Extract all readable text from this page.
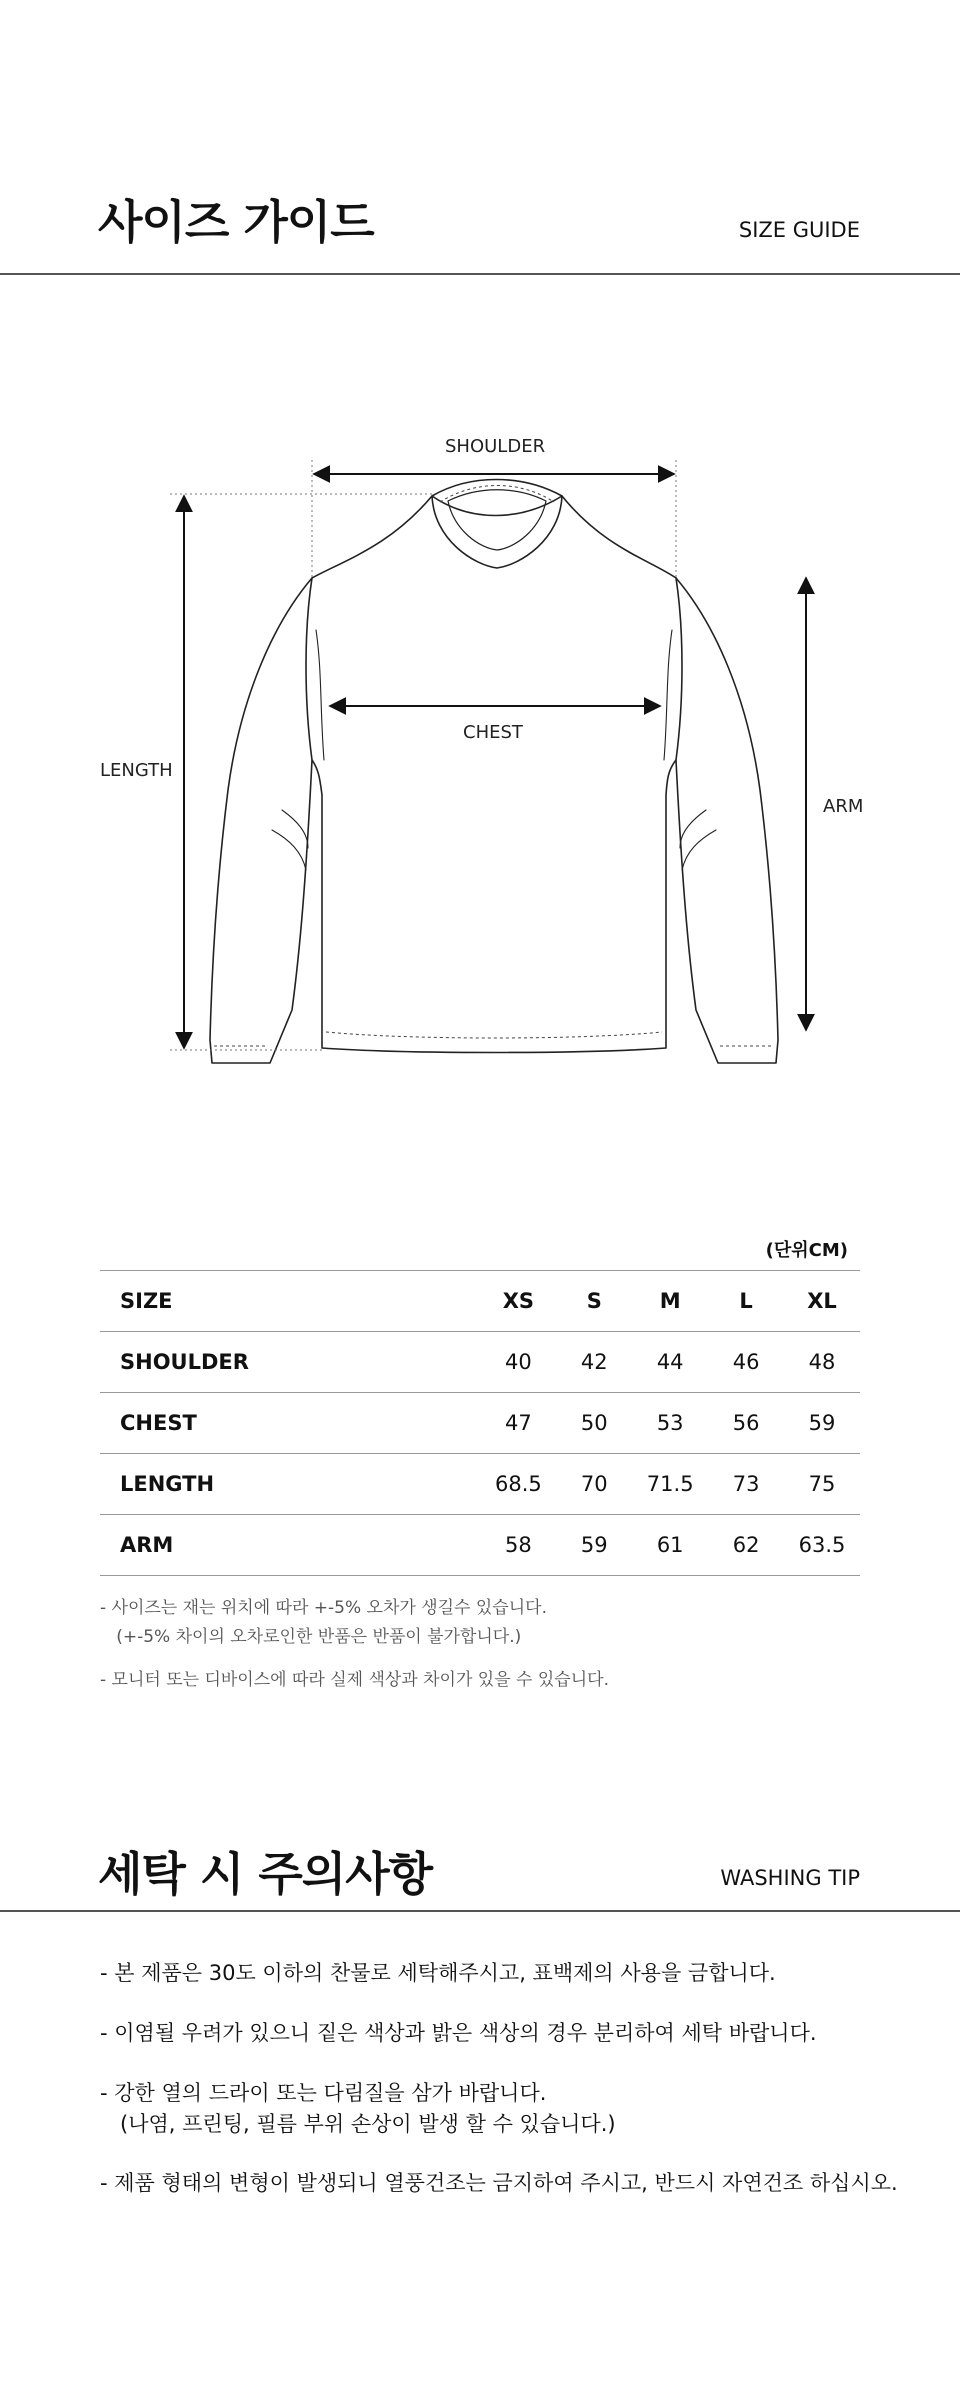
사이즈 가이드	SIZE GUIDE
SHOULDER
CHEST
LENGTH
ARM
(단위CM)
SIZE	XS	S	M	L	XL
SHOULDER	40	42	44	46	48
CHEST	47	50	53	56	59
LENGTH	68.5	70	71.5	73	75
ARM	58	59	61	62	63.5
- 사이즈는 재는 위치에 따라 +-5% 오차가 생길수 있습니다.
(+-5% 차이의 오차로인한 반품은 반품이 불가합니다.)
- 모니터 또는 디바이스에 따라 실제 색상과 차이가 있을 수 있습니다.
세탁 시 주의사항	WASHING TIP
- 본 제품은 30도 이하의 찬물로 세탁해주시고, 표백제의 사용을 금합니다.
- 이염될 우려가 있으니 짙은 색상과 밝은 색상의 경우 분리하여 세탁 바랍니다.
- 강한 열의 드라이 또는 다림질을 삼가 바랍니다.
(나염, 프린팅, 필름 부위 손상이 발생 할 수 있습니다.)
- 제품 형태의 변형이 발생되니 열풍건조는 금지하여 주시고, 반드시 자연건조 하십시오.
